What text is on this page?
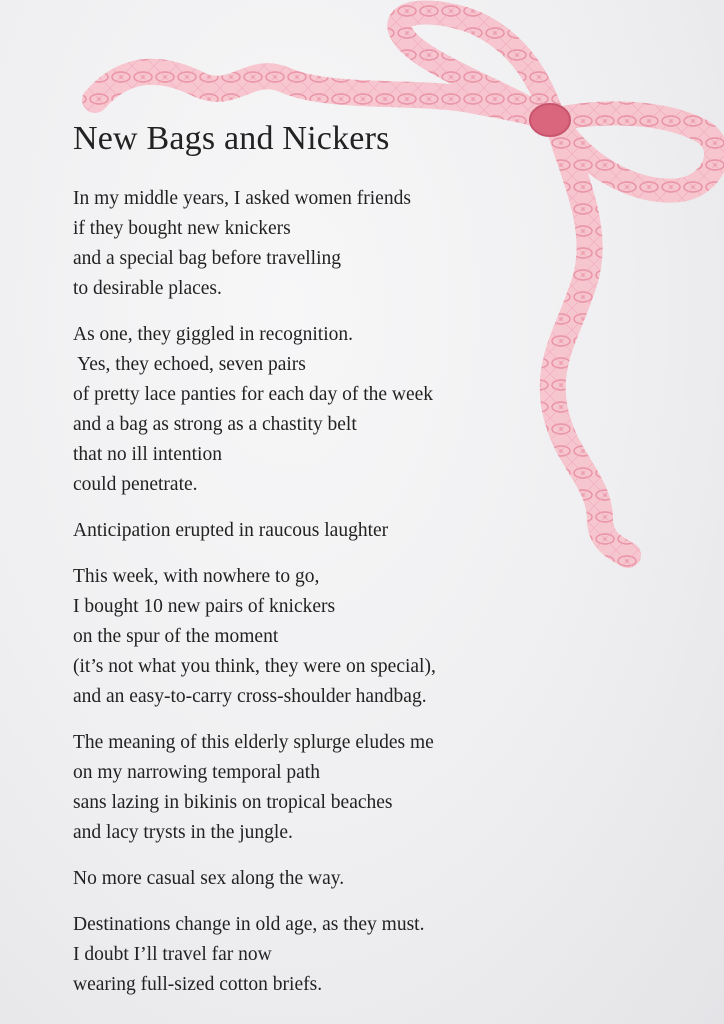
New Bags and Nickers
In my middle years, I asked women friends
if they bought new knickers
and a special bag before travelling
to desirable places.
As one, they giggled in recognition.
Yes, they echoed, seven pairs
of pretty lace panties for each day of the week
and a bag as strong as a chastity belt
that no ill intention
could penetrate.
Anticipation erupted in raucous laughter
This week, with nowhere to go,
I bought 10 new pairs of knickers
on the spur of the moment
(it’s not what you think, they were on special),
and an easy-to-carry cross-shoulder handbag.
The meaning of this elderly splurge eludes me
on my narrowing temporal path
sans lazing in bikinis on tropical beaches
and lacy trysts in the jungle.
No more casual sex along the way.
Destinations change in old age, as they must.
I doubt I’ll travel far now
wearing full-sized cotton briefs.
